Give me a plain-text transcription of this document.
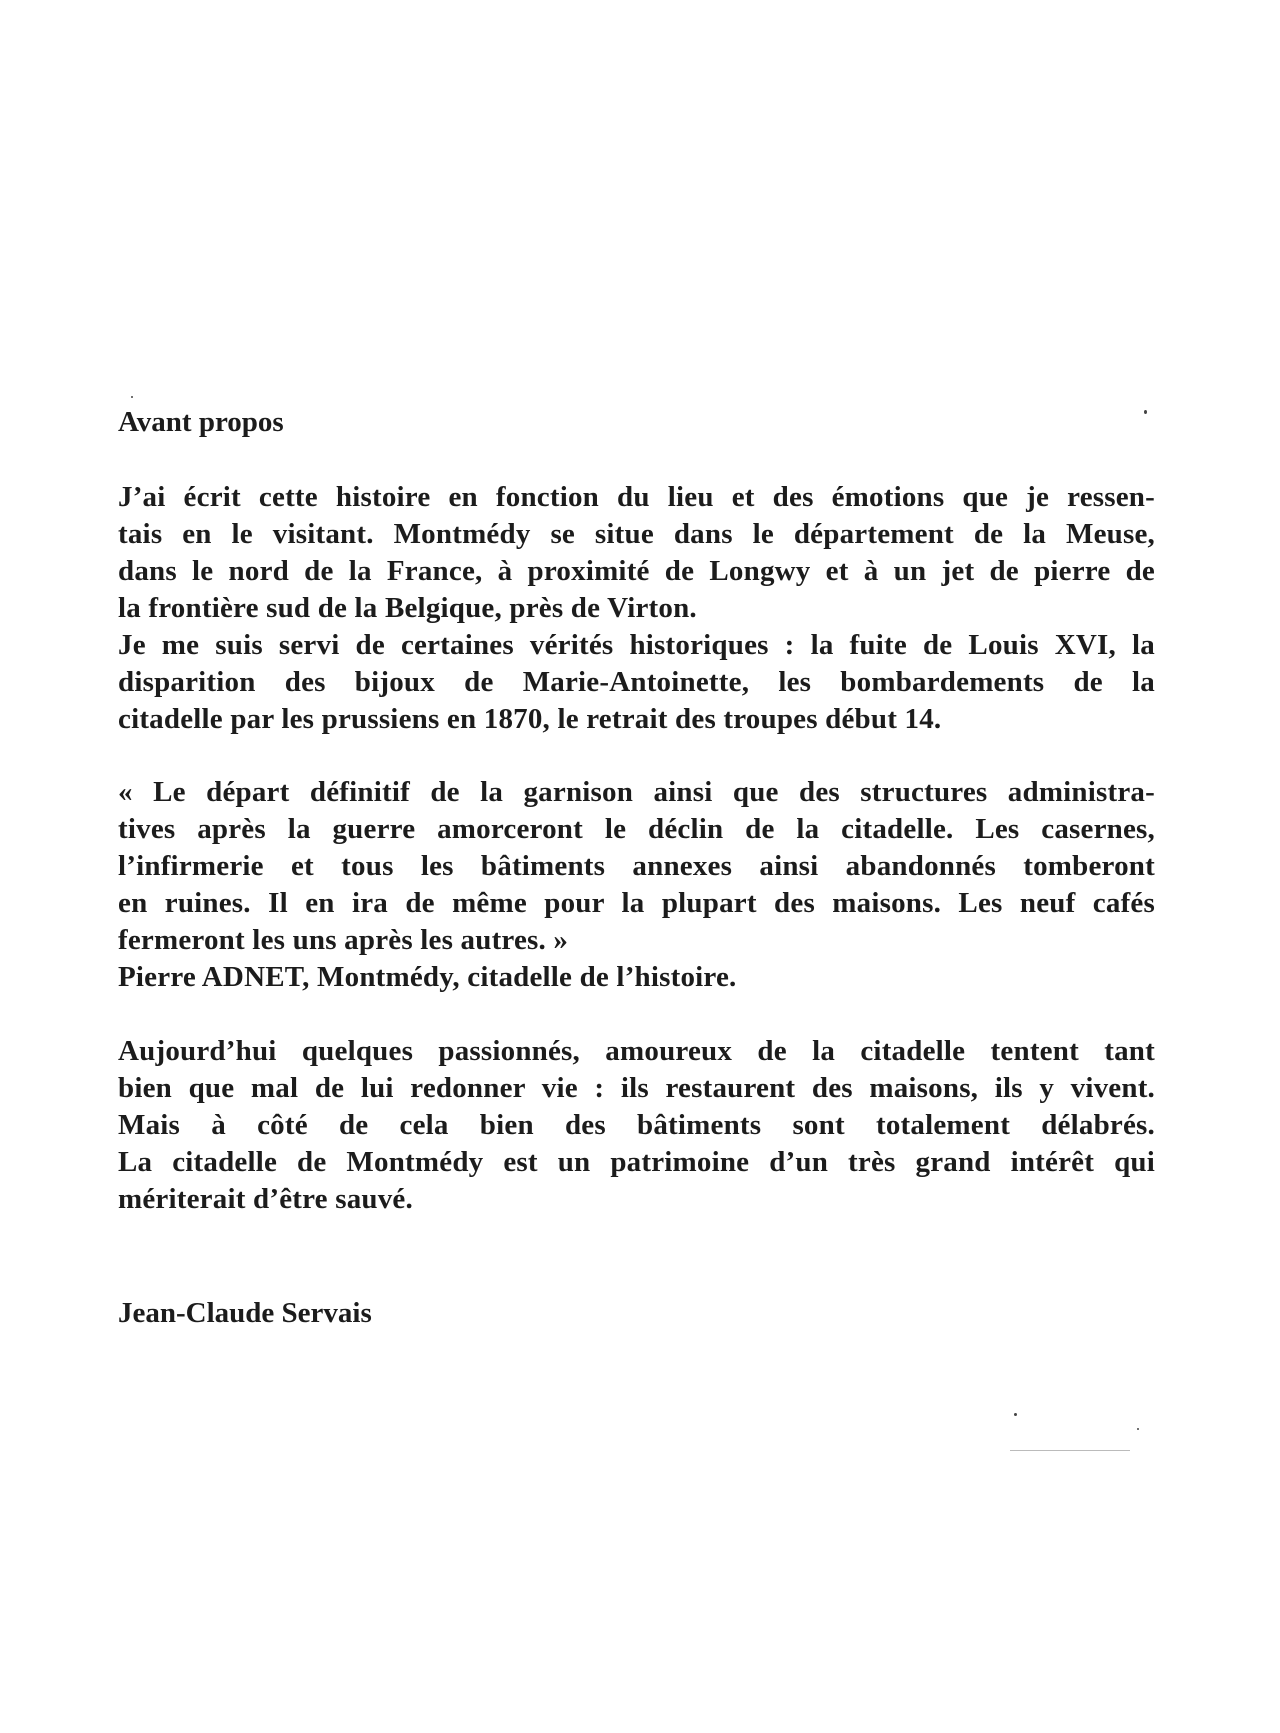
Avant propos
J’ai écrit cette histoire en fonction du lieu et des émotions que je ressen-
tais en le visitant. Montmédy se situe dans le département de la Meuse,
dans le nord de la France, à proximité de Longwy et à un jet de pierre de
la frontière sud de la Belgique, près de Virton.
Je me suis servi de certaines vérités historiques : la fuite de Louis XVI, la
disparition des bijoux de Marie-Antoinette, les bombardements de la
citadelle par les prussiens en 1870, le retrait des troupes début 14.
« Le départ définitif de la garnison ainsi que des structures administra-
tives après la guerre amorceront le déclin de la citadelle. Les casernes,
l’infirmerie et tous les bâtiments annexes ainsi abandonnés tomberont
en ruines. Il en ira de même pour la plupart des maisons. Les neuf cafés
fermeront les uns après les autres. »
Pierre ADNET, Montmédy, citadelle de l’histoire.
Aujourd’hui quelques passionnés, amoureux de la citadelle tentent tant
bien que mal de lui redonner vie : ils restaurent des maisons, ils y vivent.
Mais à côté de cela bien des bâtiments sont totalement délabrés.
La citadelle de Montmédy est un patrimoine d’un très grand intérêt qui
mériterait d’être sauvé.
Jean-Claude Servais
